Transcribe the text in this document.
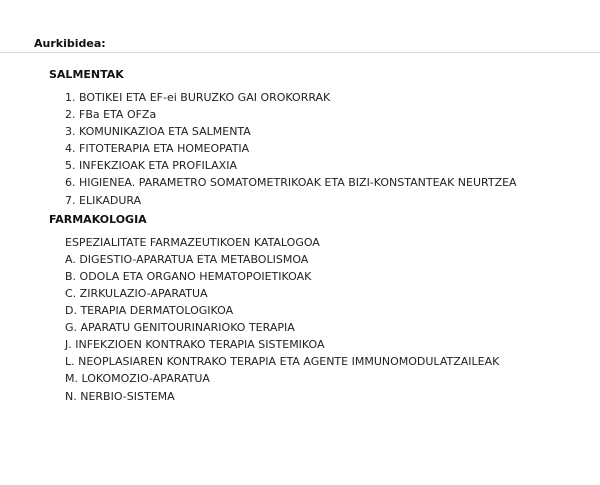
Aurkibidea:
SALMENTAK
1. BOTIKEI ETA EF-ei BURUZKO GAI OROKORRAK
2. FBa ETA OFZa
3. KOMUNIKAZIOA ETA SALMENTA
4. FITOTERAPIA ETA HOMEOPATIA
5. INFEKZIOAK ETA PROFILAXIA
6. HIGIENEA. PARAMETRO SOMATOMETRIKOAK ETA BIZI-KONSTANTEAK NEURTZEA
7. ELIKADURA
FARMAKOLOGIA
ESPEZIALITATE FARMAZEUTIKOEN KATALOGOA
A. DIGESTIO-APARATUA ETA METABOLISMOA
B. ODOLA ETA ORGANO HEMATOPOIETIKOAK
C. ZIRKULAZIO-APARATUA
D. TERAPIA DERMATOLOGIKOA
G. APARATU GENITOURINARIOKO TERAPIA
J. INFEKZIOEN KONTRAKO TERAPIA SISTEMIKOA
L. NEOPLASIAREN KONTRAKO TERAPIA ETA AGENTE IMMUNOMODULATZAILEAK
M. LOKOMOZIO-APARATUA
N. NERBIO-SISTEMA
